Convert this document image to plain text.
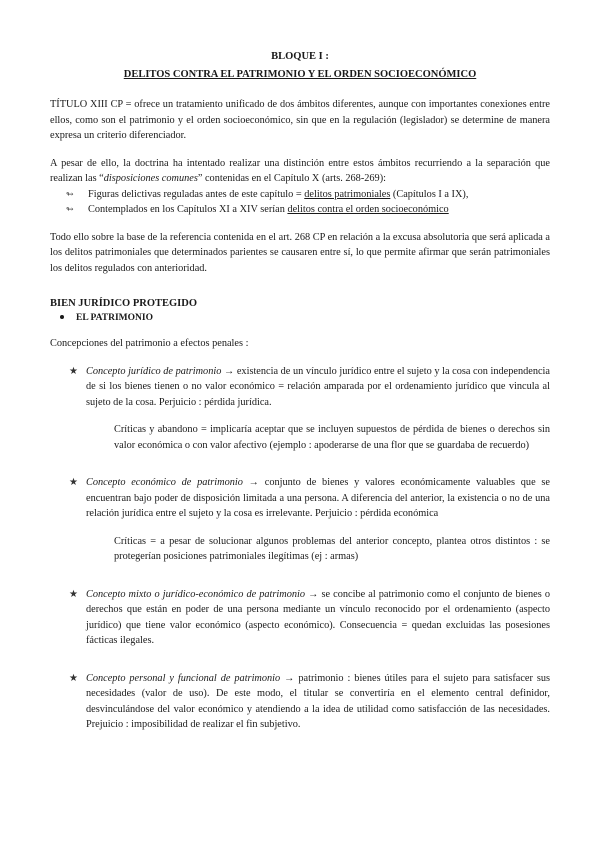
BLOQUE I :
DELITOS CONTRA EL PATRIMONIO Y EL ORDEN SOCIOECONÓMICO

TÍTULO XIII CP = ofrece un tratamiento unificado de dos ámbitos diferentes, aunque con importantes conexiones entre ellos, como son el patrimonio y el orden socioeconómico, sin que en la regulación (legislador) se determine de manera expresa un criterio diferenciador.

A pesar de ello, la doctrina ha intentado realizar una distinción entre estos ámbitos recurriendo a la separación que realizan las “disposiciones comunes” contenidas en el Capítulo X (arts. 268-269):

↬ Figuras delictivas reguladas antes de este capítulo = delitos patrimoniales (Capítulos I a IX),
↬ Contemplados en los Capítulos XI a XIV serían delitos contra el orden socioeconómico

Todo ello sobre la base de la referencia contenida en el art. 268 CP en relación a la excusa absolutoria que será aplicada a los delitos patrimoniales que determinados parientes se causaren entre sí, lo que permite afirmar que serán patrimoniales los delitos regulados con anterioridad.

BIEN JURÍDICO PROTEGIDO
EL PATRIMONIO

Concepciones del patrimonio a efectos penales :

★ Concepto jurídico de patrimonio → existencia de un vínculo jurídico entre el sujeto y la cosa con independencia de si los bienes tienen o no valor económico = relación amparada por el ordenamiento jurídico que vincula al sujeto de la cosa. Perjuicio : pérdida jurídica.

Críticas y abandono = implicaría aceptar que se incluyen supuestos de pérdida de bienes o derechos sin valor económica o con valor afectivo (ejemplo : apoderarse de una flor que se guardaba de recuerdo)

★ Concepto económico de patrimonio → conjunto de bienes y valores económicamente valuables que se encuentran bajo poder de disposición limitada a una persona. A diferencia del anterior, la existencia o no de una relación jurídica entre el sujeto y la cosa es irrelevante. Perjuicio : pérdida económica

Críticas = a pesar de solucionar algunos problemas del anterior concepto, plantea otros distintos : se protegerían posiciones patrimoniales ilegítimas (ej : armas)

★ Concepto mixto o jurídico-económico de patrimonio → se concibe al patrimonio como el conjunto de bienes o derechos que están en poder de una persona mediante un vínculo reconocido por el ordenamiento (aspecto jurídico) que tiene valor económico (aspecto económico). Consecuencia = quedan excluidas las posesiones fácticas ilegales.

★ Concepto personal y funcional de patrimonio → patrimonio : bienes útiles para el sujeto para satisfacer sus necesidades (valor de uso). De este modo, el titular se convertiría en el elemento central definidor, desvinculándose del valor económico y atendiendo a la idea de utilidad como satisfacción de las necesidades. Prejuicio : imposibilidad de realizar el fin subjetivo.
